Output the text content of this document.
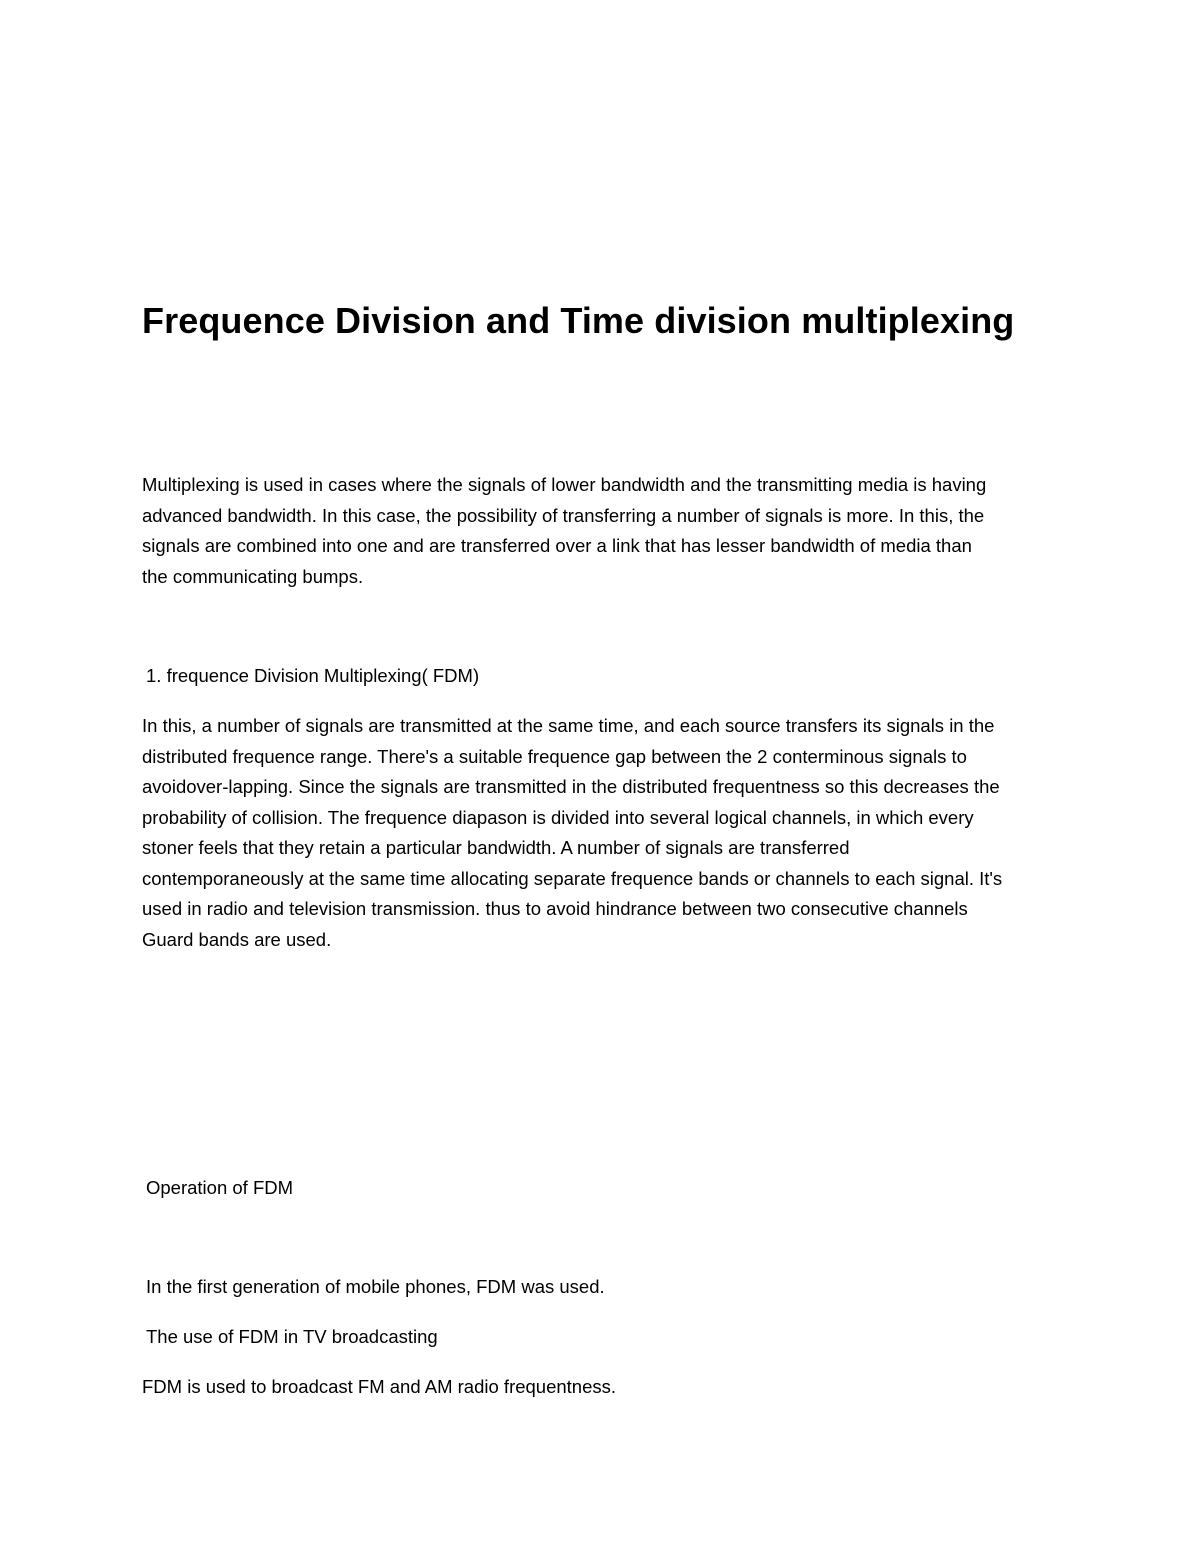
Frequence Division and Time division multiplexing

Multiplexing is used in cases where the signals of lower bandwidth and the transmitting media is having
advanced bandwidth. In this case, the possibility of transferring a number of signals is more. In this, the
signals are combined into one and are transferred over a link that has lesser bandwidth of media than
the communicating bumps.

1. frequence Division Multiplexing( FDM)

In this, a number of signals are transmitted at the same time, and each source transfers its signals in the
distributed frequence range. There's a suitable frequence gap between the 2 conterminous signals to
avoidover-lapping. Since the signals are transmitted in the distributed frequentness so this decreases the
probability of collision. The frequence diapason is divided into several logical channels, in which every
stoner feels that they retain a particular bandwidth. A number of signals are transferred
contemporaneously at the same time allocating separate frequence bands or channels to each signal. It's
used in radio and television transmission. thus to avoid hindrance between two consecutive channels
Guard bands are used.

Operation of FDM

In the first generation of mobile phones, FDM was used.

The use of FDM in TV broadcasting

FDM is used to broadcast FM and AM radio frequentness.
